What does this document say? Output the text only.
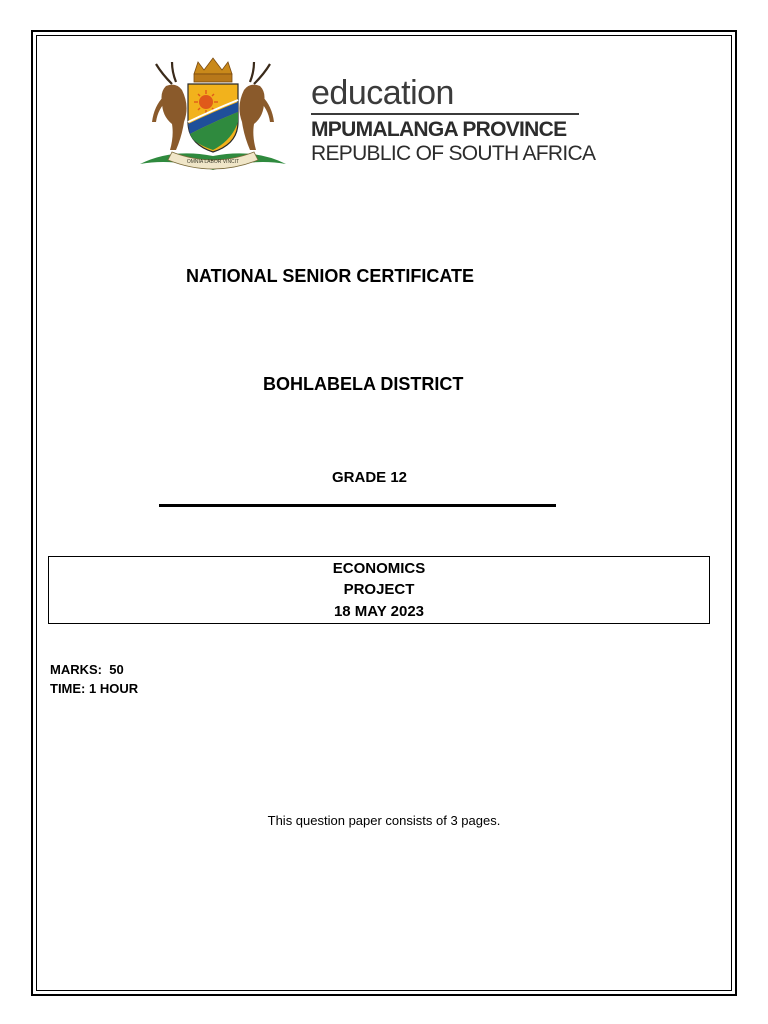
OMNIA LABOR VINCIT
education
MPUMALANGA PROVINCE
REPUBLIC OF SOUTH AFRICA
NATIONAL SENIOR CERTIFICATE
BOHLABELA DISTRICT
GRADE 12
ECONOMICS
PROJECT
18 MAY 2023
MARKS:  50
TIME: 1 HOUR
This question paper consists of 3 pages.
